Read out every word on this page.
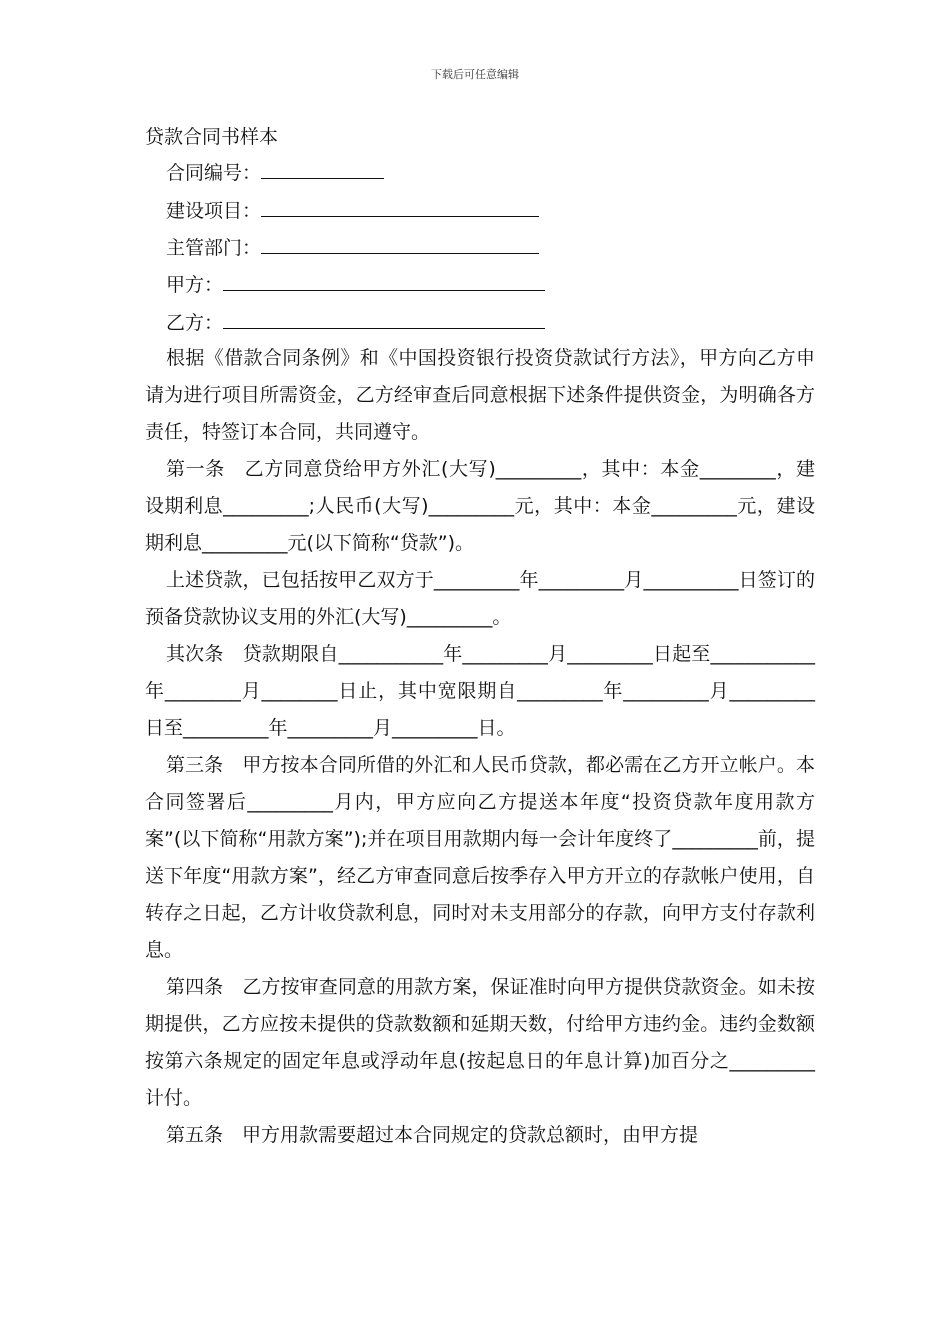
下载后可任意编辑
贷款合同书样本
合同编号：
建设项目：
主管部门：
甲方：
乙方：

根据《借款合同条例》和《中国投资银行投资贷款试行方法》，甲方向乙方申请为进行项目所需资金，乙方经审查后同意根据下述条件提供资金，为明确各方责任，特签订本合同，共同遵守。

第一条　乙方同意贷给甲方外汇(大写)_________，其中：本金________，建设期利息_________;人民币(大写)_________元，其中：本金_________元，建设期利息_________元(以下简称“贷款”)。

上述贷款，已包括按甲乙双方于_________年_________月__________日签订的预备贷款协议支用的外汇(大写)_________。

其次条　贷款期限自___________年_________月_________日起至___________年________月________日止，其中宽限期自_________年_________月_________日至_________年_________月_________日。

第三条　甲方按本合同所借的外汇和人民币贷款，都必需在乙方开立帐户。本合同签署后_________月内，甲方应向乙方提送本年度“投资贷款年度用款方案”(以下简称“用款方案”);并在项目用款期内每一会计年度终了_________前，提送下年度“用款方案”，经乙方审查同意后按季存入甲方开立的存款帐户使用，自转存之日起，乙方计收贷款利息，同时对未支用部分的存款，向甲方支付存款利息。

第四条　乙方按审查同意的用款方案，保证准时向甲方提供贷款资金。如未按期提供，乙方应按未提供的贷款数额和延期天数，付给甲方违约金。违约金数额按第六条规定的固定年息或浮动年息(按起息日的年息计算)加百分之_________计付。

第五条　甲方用款需要超过本合同规定的贷款总额时，由甲方提
